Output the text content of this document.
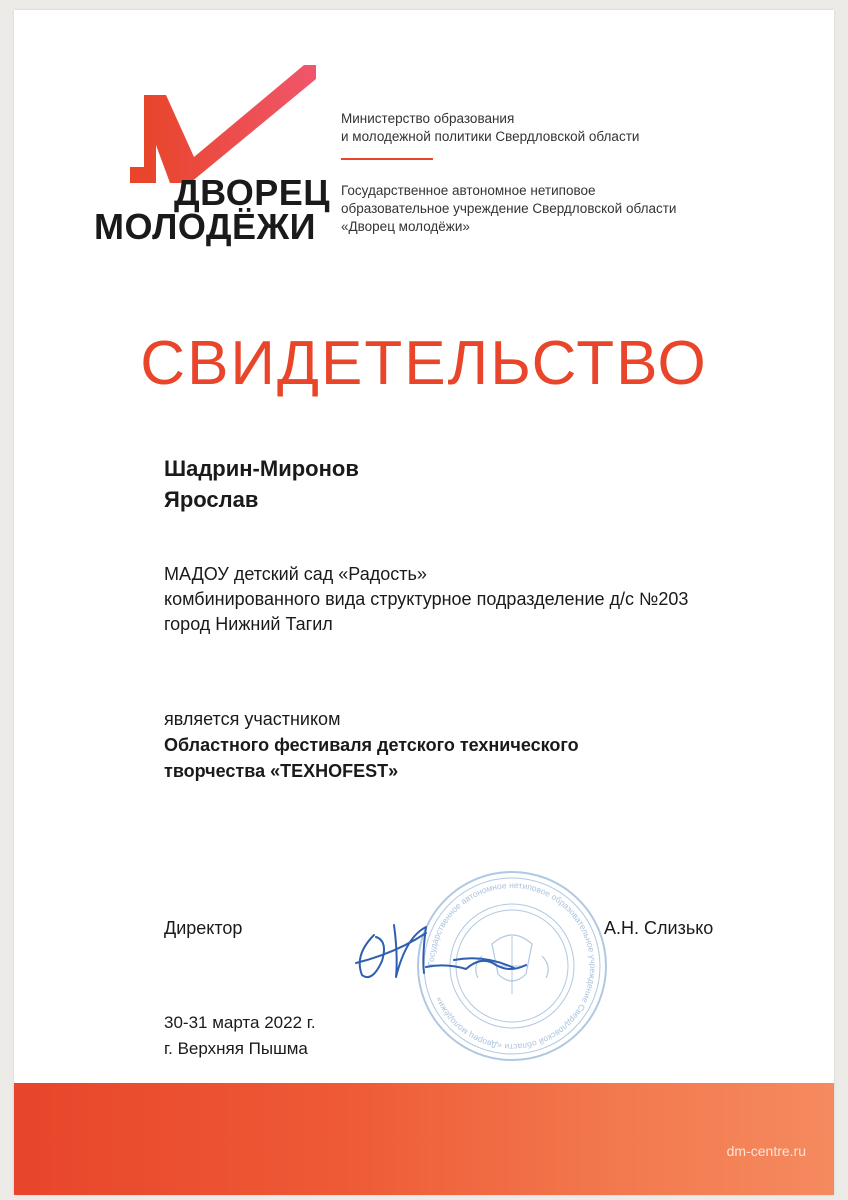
ДВОРЕЦ
МОЛОДЁЖИ
Министерство образования
и молодежной политики Свердловской области
Государственное автономное нетиповое
образовательное учреждение Свердловской области
«Дворец молодёжи»
СВИДЕТЕЛЬСТВО
Шадрин-Миронов
Ярослав
МАДОУ детский сад «Радость»
комбинированного вида структурное подразделение д/с №203
город Нижний Тагил
является участником
Областного фестиваля детского технического
творчества «TEXHOFEST»
Государственное автономное нетиповое образовательное учреждение Свердловской области «Дворец молодёжи»
Директор	А.Н. Слизько
30-31 марта 2022 г.
г. Верхняя Пышма
dm-centre.ru
